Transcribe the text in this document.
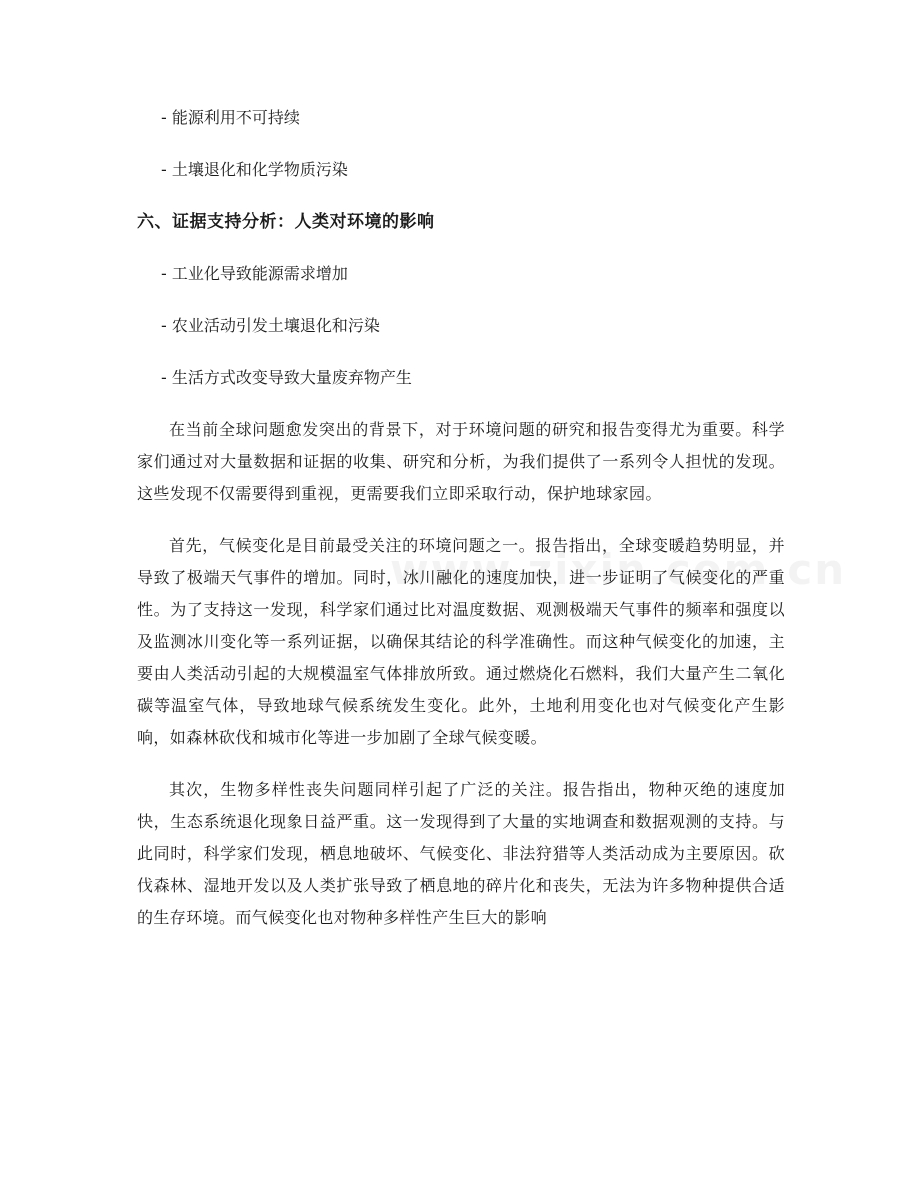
- 能源利用不可持续
- 土壤退化和化学物质污染
六、证据支持分析：人类对环境的影响
- 工业化导致能源需求增加
- 农业活动引发土壤退化和污染
- 生活方式改变导致大量废弃物产生

在当前全球问题愈发突出的背景下，对于环境问题的研究和报告变得尤为重要。科学家们通过对大量数据和证据的收集、研究和分析，为我们提供了一系列令人担忧的发现。这些发现不仅需要得到重视，更需要我们立即采取行动，保护地球家园。

首先，气候变化是目前最受关注的环境问题之一。报告指出，全球变暖趋势明显，并导致了极端天气事件的增加。同时，冰川融化的速度加快，进一步证明了气候变化的严重性。为了支持这一发现，科学家们通过比对温度数据、观测极端天气事件的频率和强度以及监测冰川变化等一系列证据，以确保其结论的科学准确性。而这种气候变化的加速，主要由人类活动引起的大规模温室气体排放所致。通过燃烧化石燃料，我们大量产生二氧化碳等温室气体，导致地球气候系统发生变化。此外，土地利用变化也对气候变化产生影响，如森林砍伐和城市化等进一步加剧了全球气候变暖。

其次，生物多样性丧失问题同样引起了广泛的关注。报告指出，物种灭绝的速度加快，生态系统退化现象日益严重。这一发现得到了大量的实地调查和数据观测的支持。与此同时，科学家们发现，栖息地破坏、气候变化、非法狩猎等人类活动成为主要原因。砍伐森林、湿地开发以及人类扩张导致了栖息地的碎片化和丧失，无法为许多物种提供合适的生存环境。而气候变化也对物种多样性产生巨大的影响
